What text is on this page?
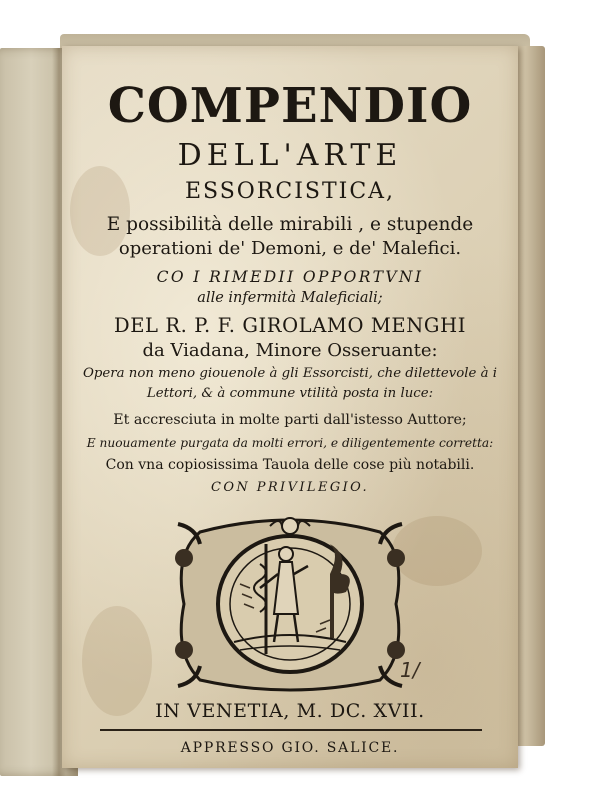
COMPENDIO
DELL'ARTE
ESSORCISTICA,
E possibilità delle mirabili , e stupende
operationi de' Demoni, e de' Malefici.
CO I RIMEDII OPPORTVNI
alle infermità Maleficiali;
DEL R. P. F. GIROLAMO MENGHI
da Viadana, Minore Osseruante:
Opera non meno giouenole à gli Essorcisti, che dilettevole à i
Lettori, & à commune vtilità posta in luce:
Et accresciuta in molte parti dall'istesso Auttore;
E nuouamente purgata da molti errori, e diligentemente corretta:
Con vna copiosissima Tauola delle cose più notabili.
CON PRIVILEGIO.
1/
IN VENETIA, M. DC. XVII.
APPRESSO GIO. SALICE.
